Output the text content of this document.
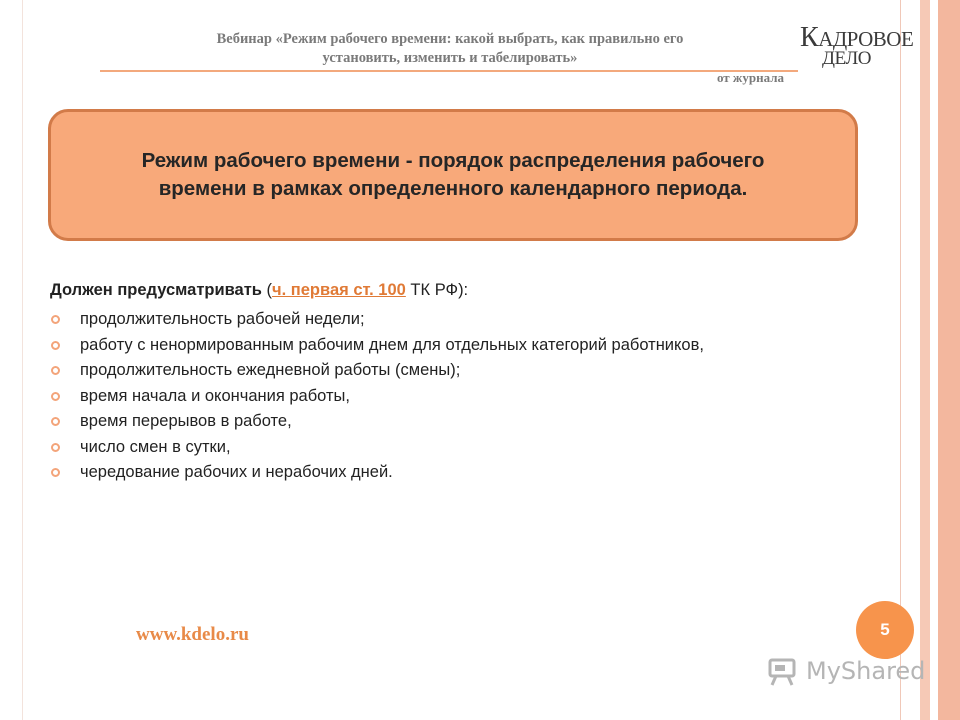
Вебинар «Режим рабочего времени: какой выбрать, как правильно его
установить, изменить и табелировать»
от журнала
КАДРОВОЕ
ДЕЛО
Режим рабочего времени - порядок распределения рабочего времени в рамках определенного календарного периода.
Должен предусматривать (ч. первая ст. 100 ТК РФ):
продолжительность рабочей недели;
работу с ненормированным рабочим днем для отдельных категорий работников,
продолжительность ежедневной работы (смены);
время начала и окончания работы,
время перерывов в работе,
число смен в сутки,
чередование рабочих и нерабочих дней.
www.kdelo.ru	5
MyShared
